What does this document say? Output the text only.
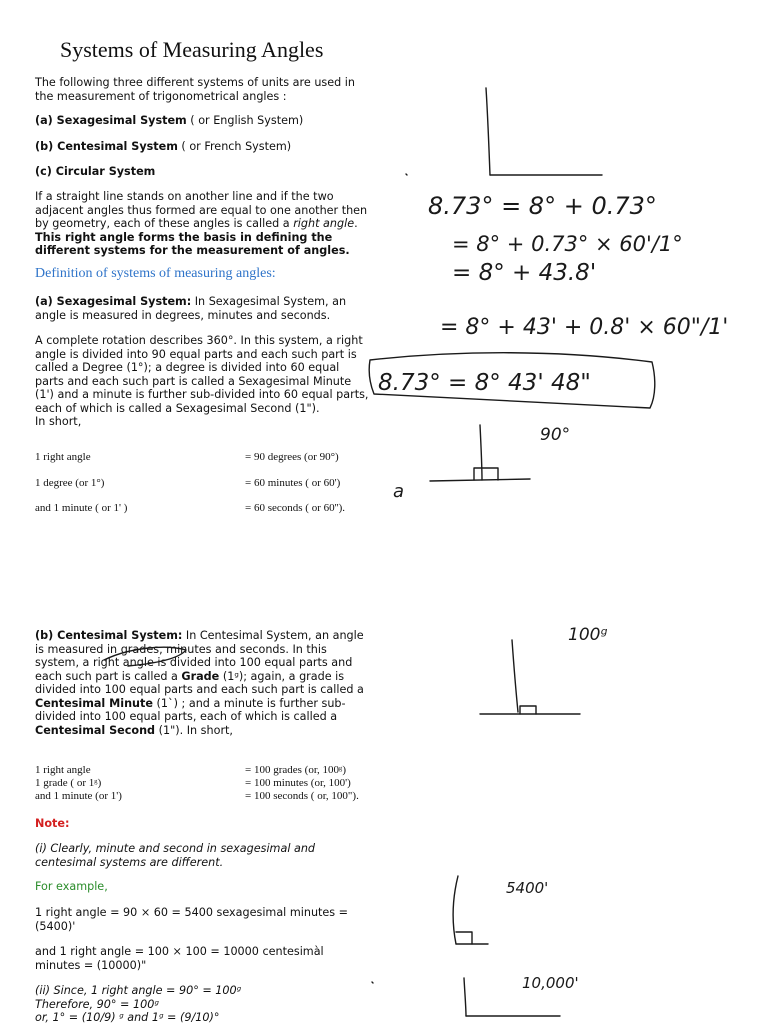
Systems of Measuring Angles

The following three different systems of units are used in the measurement of trigonometrical angles :

(a) Sexagesimal System ( or English System)

(b) Centesimal System ( or French System)

(c) Circular System

If a straight line stands on another line and if the two adjacent angles thus formed are equal to one another then by geometry, each of these angles is called a right angle. This right angle forms the basis in defining the different systems for the measurement of angles.

Definition of systems of measuring angles:

(a) Sexagesimal System: In Sexagesimal System, an angle is measured in degrees, minutes and seconds.

A complete rotation describes 360°. In this system, a right angle is divided into 90 equal parts and each such part is called a Degree (1°); a degree is divided into 60 equal parts and each such part is called a Sexagesimal Minute (1') and a minute is further sub-divided into 60 equal parts, each of which is called a Sexagesimal Second (1").

In short,

1 right angle	= 90 degrees (or 90°)
1 degree (or 1°)	= 60 minutes ( or 60')
and 1 minute ( or 1' )	= 60 seconds ( or 60'').

(b) Centesimal System: In Centesimal System, an angle is measured in grades, minutes and seconds. In this system, a right angle is divided into 100 equal parts and each such part is called a Grade (1ᵍ); again, a grade is divided into 100 equal parts and each such part is called a Centesimal Minute (1`) ; and a minute is further sub-divided into 100 equal parts, each of which is called a Centesimal Second (1"). In short,

1 right angle	= 100 grades (or, 100ᵍ)
1 grade ( or 1ᵍ)	= 100 minutes (or, 100')
and 1 minute (or 1')	= 100 seconds ( or, 100").

Note:

(i) Clearly, minute and second in sexagesimal and centesimal systems are different.

For example,

1 right angle = 90 × 60 = 5400 sexagesimal minutes = (5400)'

and 1 right angle = 100 × 100 = 10000 centesimàl minutes = (10000)"

(ii) Since, 1 right angle = 90° = 100ᵍ

Therefore, 90° = 100ᵍ

or, 1° = (10/9) ᵍ and 1ᵍ = (9/10)°

8.73° = 8° + 0.73°
= 8° + 0.73° × 60'/1°
= 8° + 43.8'
= 8° + 43' + 0.8' × 60"/1'
8.73° = 8° 43' 48"
90°
a
100ᵍ
5400'
10,000'
